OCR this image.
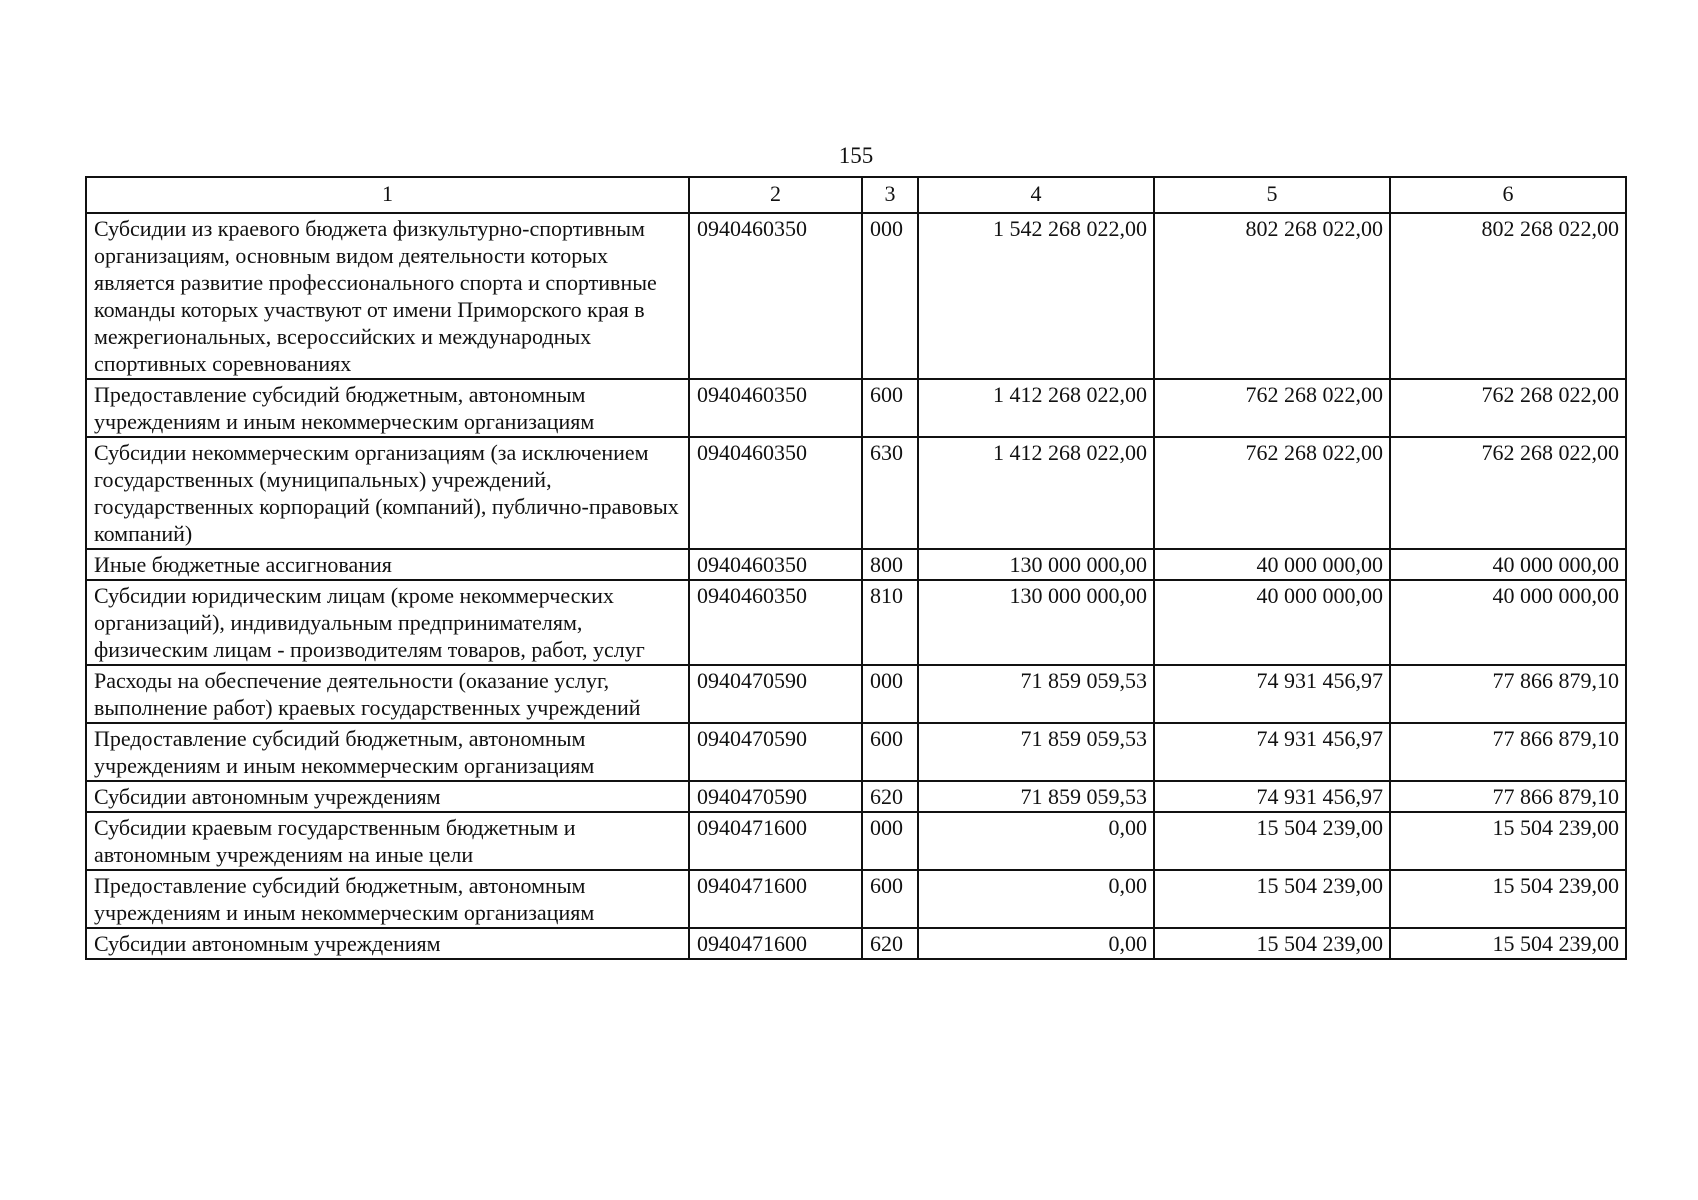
155
1	2	3	4	5	6
Субсидии из краевого бюджета физкультурно-спортивным организациям, основным видом деятельности которых является развитие профессионального спорта и спортивные команды которых участвуют от имени Приморского края в межрегиональных, всероссийских и международных спортивных соревнованиях	0940460350	000	1 542 268 022,00	802 268 022,00	802 268 022,00
Предоставление субсидий бюджетным, автономным учреждениям и иным некоммерческим организациям	0940460350	600	1 412 268 022,00	762 268 022,00	762 268 022,00
Субсидии некоммерческим организациям (за исключением государственных (муниципальных) учреждений, государственных корпораций (компаний), публично-правовых компаний)	0940460350	630	1 412 268 022,00	762 268 022,00	762 268 022,00
Иные бюджетные ассигнования	0940460350	800	130 000 000,00	40 000 000,00	40 000 000,00
Субсидии юридическим лицам (кроме некоммерческих организаций), индивидуальным предпринимателям, физическим лицам - производителям товаров, работ, услуг	0940460350	810	130 000 000,00	40 000 000,00	40 000 000,00
Расходы на обеспечение деятельности (оказание услуг, выполнение работ) краевых государственных учреждений	0940470590	000	71 859 059,53	74 931 456,97	77 866 879,10
Предоставление субсидий бюджетным, автономным учреждениям и иным некоммерческим организациям	0940470590	600	71 859 059,53	74 931 456,97	77 866 879,10
Субсидии автономным учреждениям	0940470590	620	71 859 059,53	74 931 456,97	77 866 879,10
Субсидии краевым государственным бюджетным и автономным учреждениям на иные цели	0940471600	000	0,00	15 504 239,00	15 504 239,00
Предоставление субсидий бюджетным, автономным учреждениям и иным некоммерческим организациям	0940471600	600	0,00	15 504 239,00	15 504 239,00
Субсидии автономным учреждениям	0940471600	620	0,00	15 504 239,00	15 504 239,00
